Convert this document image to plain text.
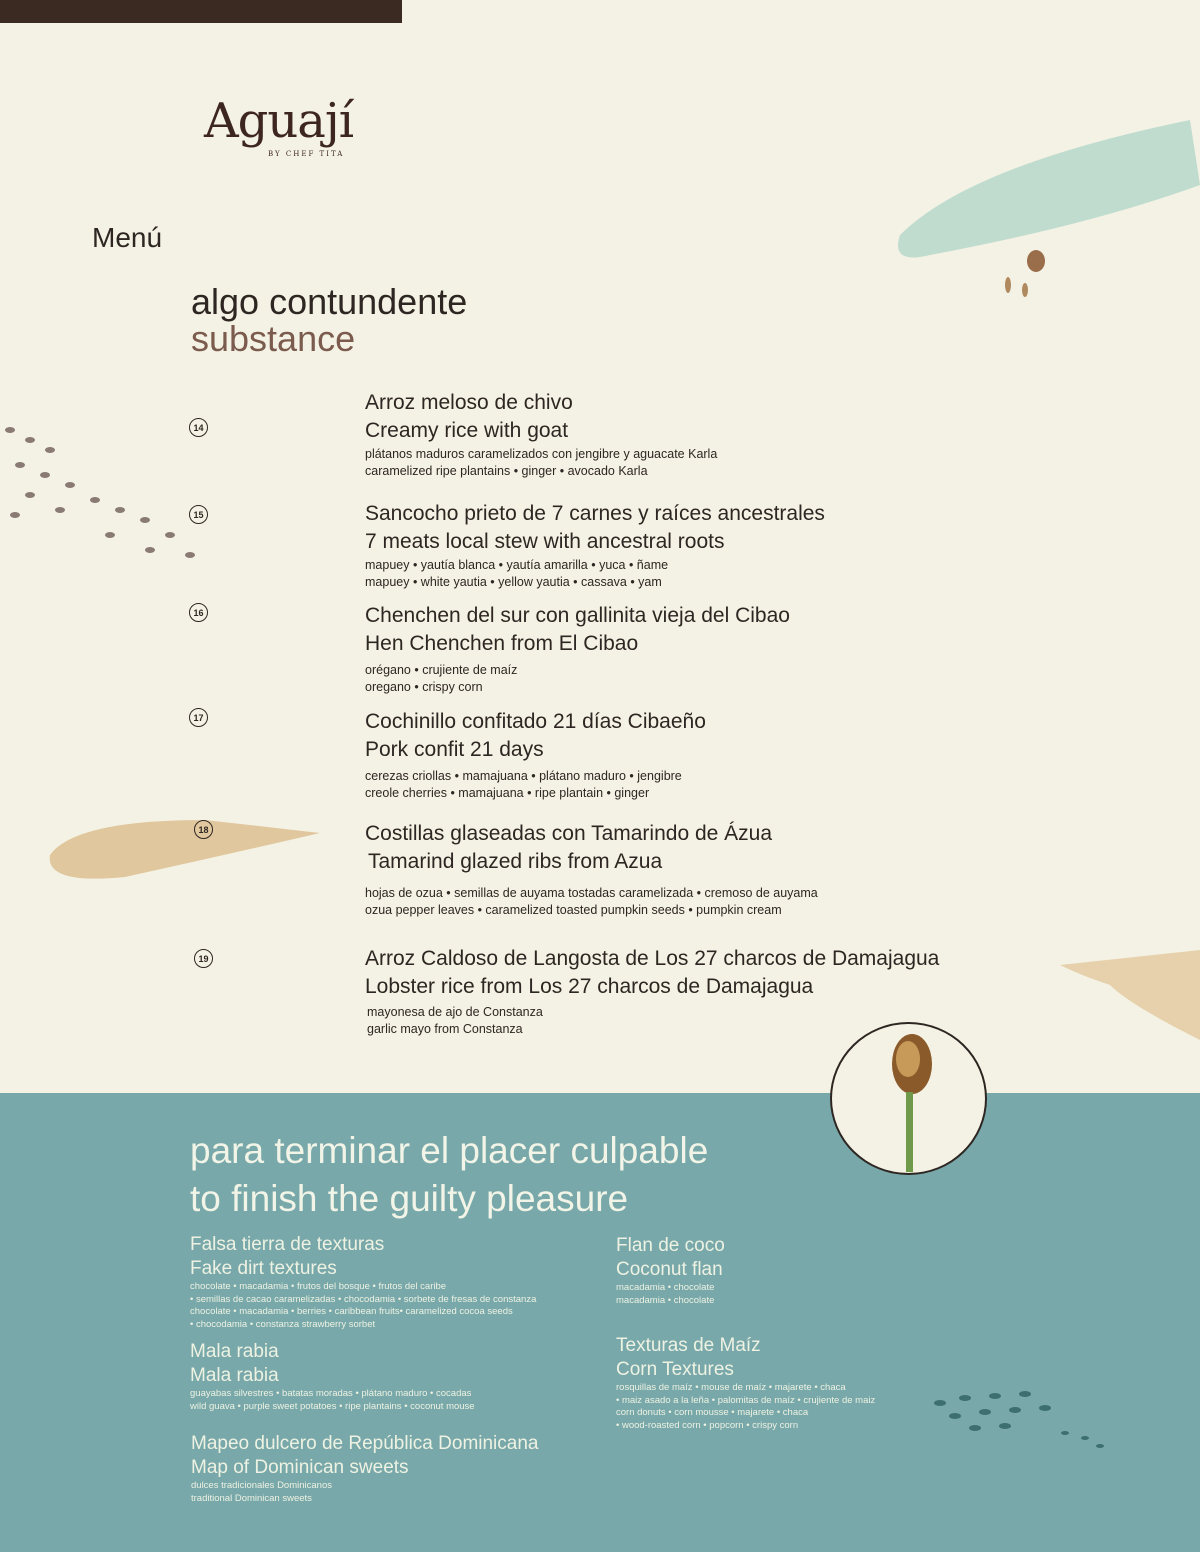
Aguají
BY CHEF TITA
Menú
algo contundente
substance
14
15
16
17
18
19
Arroz meloso de chivo
Creamy rice with goat
plátanos maduros caramelizados con jengibre y aguacate Karla
caramelized ripe plantains • ginger • avocado Karla
Sancocho prieto de 7 carnes y raíces ancestrales
7 meats local stew with ancestral roots
mapuey • yautía blanca • yautía amarilla • yuca • ñame
mapuey • white yautia • yellow yautia • cassava • yam
Chenchen del sur con gallinita vieja del Cibao
Hen Chenchen from El Cibao
orégano • crujiente de maíz
oregano • crispy corn
Cochinillo confitado 21 días Cibaeño
Pork confit 21 days
cerezas criollas • mamajuana • plátano maduro • jengibre
creole cherries • mamajuana • ripe plantain • ginger
Costillas glaseadas con Tamarindo de Ázua
Tamarind glazed ribs from Azua
hojas de ozua • semillas de auyama tostadas caramelizada • cremoso de auyama
ozua pepper leaves • caramelized toasted pumpkin seeds • pumpkin cream
Arroz Caldoso de Langosta de Los 27 charcos de Damajagua
Lobster rice from Los 27 charcos de Damajagua
mayonesa de ajo de Constanza
garlic mayo from Constanza
para terminar el placer culpable
to finish the guilty pleasure
Falsa tierra de texturas
Fake dirt textures
chocolate • macadamia • frutos del bosque • frutos del caribe
• semillas de cacao caramelizadas • chocodamia • sorbete de fresas de constanza
chocolate • macadamia • berries • caribbean fruits• caramelized cocoa seeds
• chocodamia • constanza strawberry sorbet
Mala rabia
Mala rabia
guayabas silvestres • batatas moradas • plátano maduro • cocadas
wild guava • purple sweet potatoes • ripe plantains • coconut mouse
Mapeo dulcero de República Dominicana
Map of Dominican sweets
dulces tradicionales Dominicanos
traditional Dominican sweets
Flan de coco
Coconut flan
macadamia • chocolate
macadamia • chocolate
Texturas de Maíz
Corn Textures
rosquillas de maíz • mouse de maíz • majarete • chaca
• maiz asado a la leña • palomitas de maíz • crujiente de maiz
corn donuts • corn mousse • majarete • chaca
• wood-roasted corn • popcorn • crispy corn
